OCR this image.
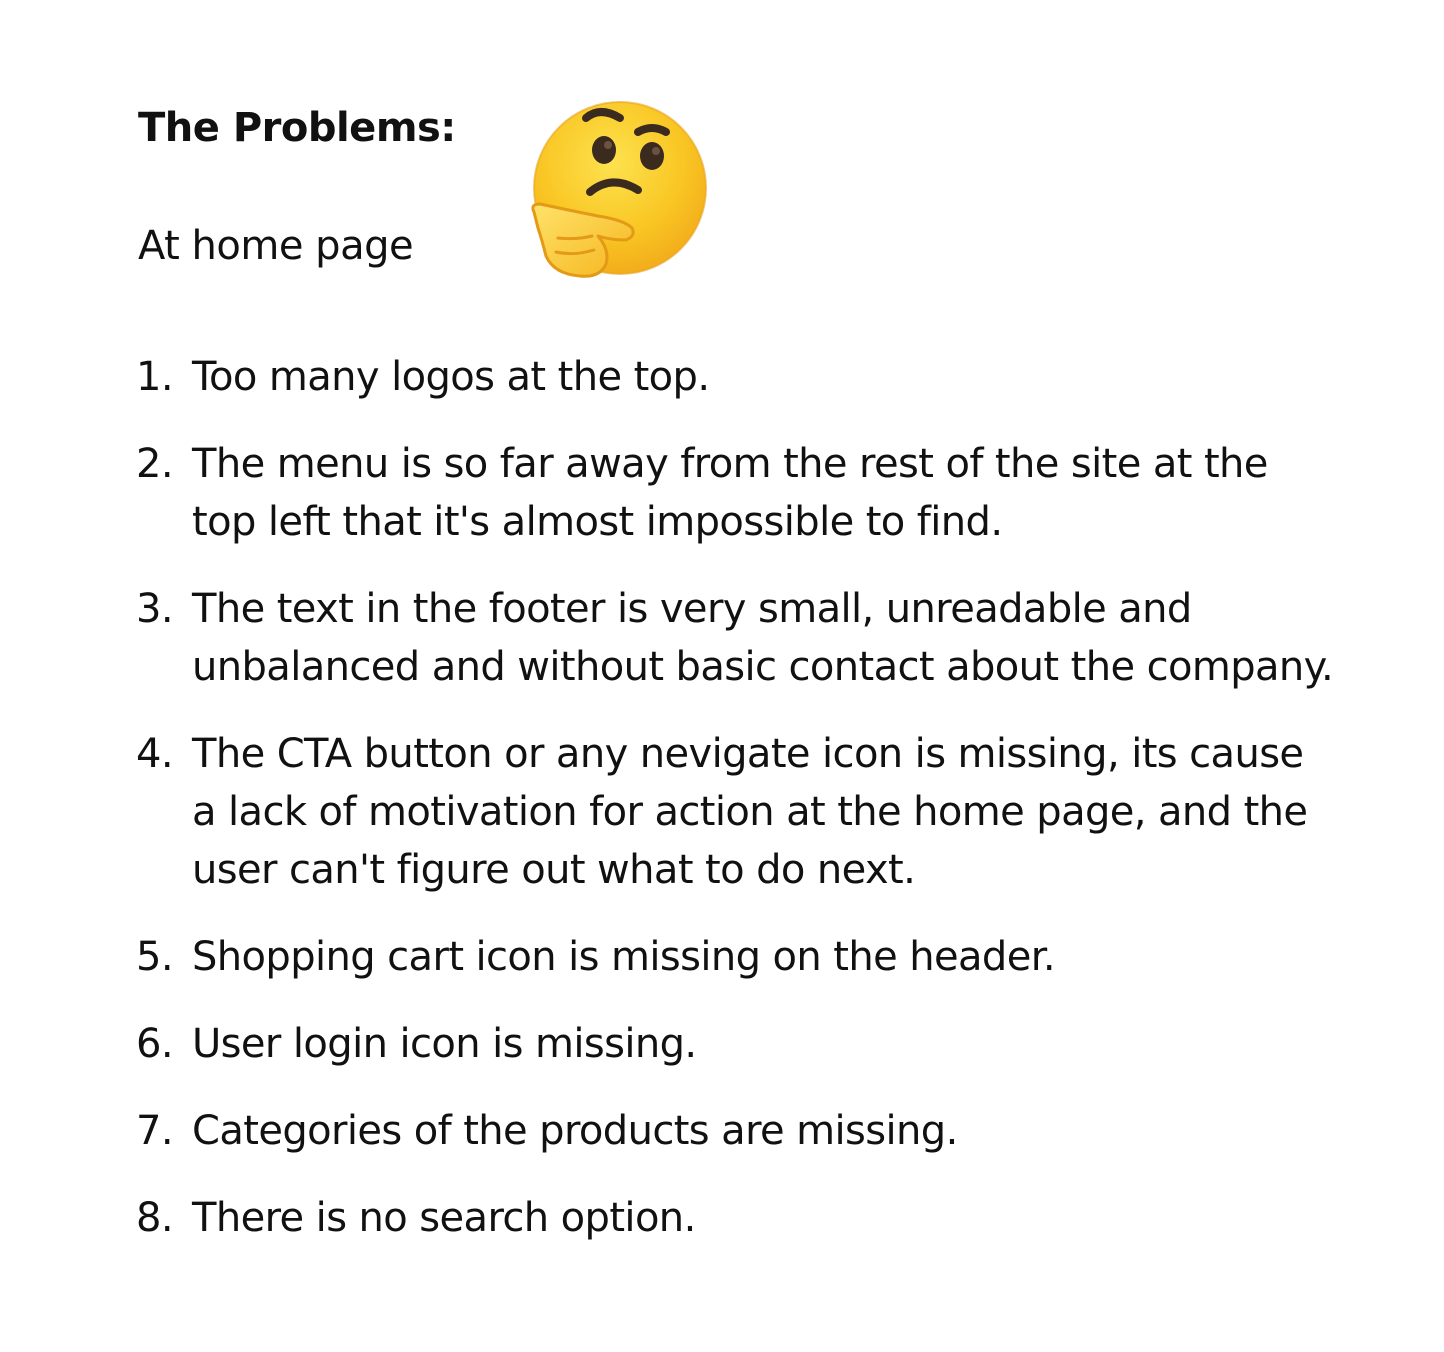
The Problems:
At home page
1. Too many logos at the top.
2. The menu is so far away from the rest of the site at the top left that it's almost impossible to find.
3. The text in the footer is very small, unreadable and unbalanced and without basic contact about the company.
4. The CTA button or any nevigate icon is missing, its cause a lack of motivation for action at the home page, and the user can't figure out what to do next.
5. Shopping cart icon is missing on the header.
6. User login icon is missing.
7. Categories of the products are missing.
8. There is no search option.
